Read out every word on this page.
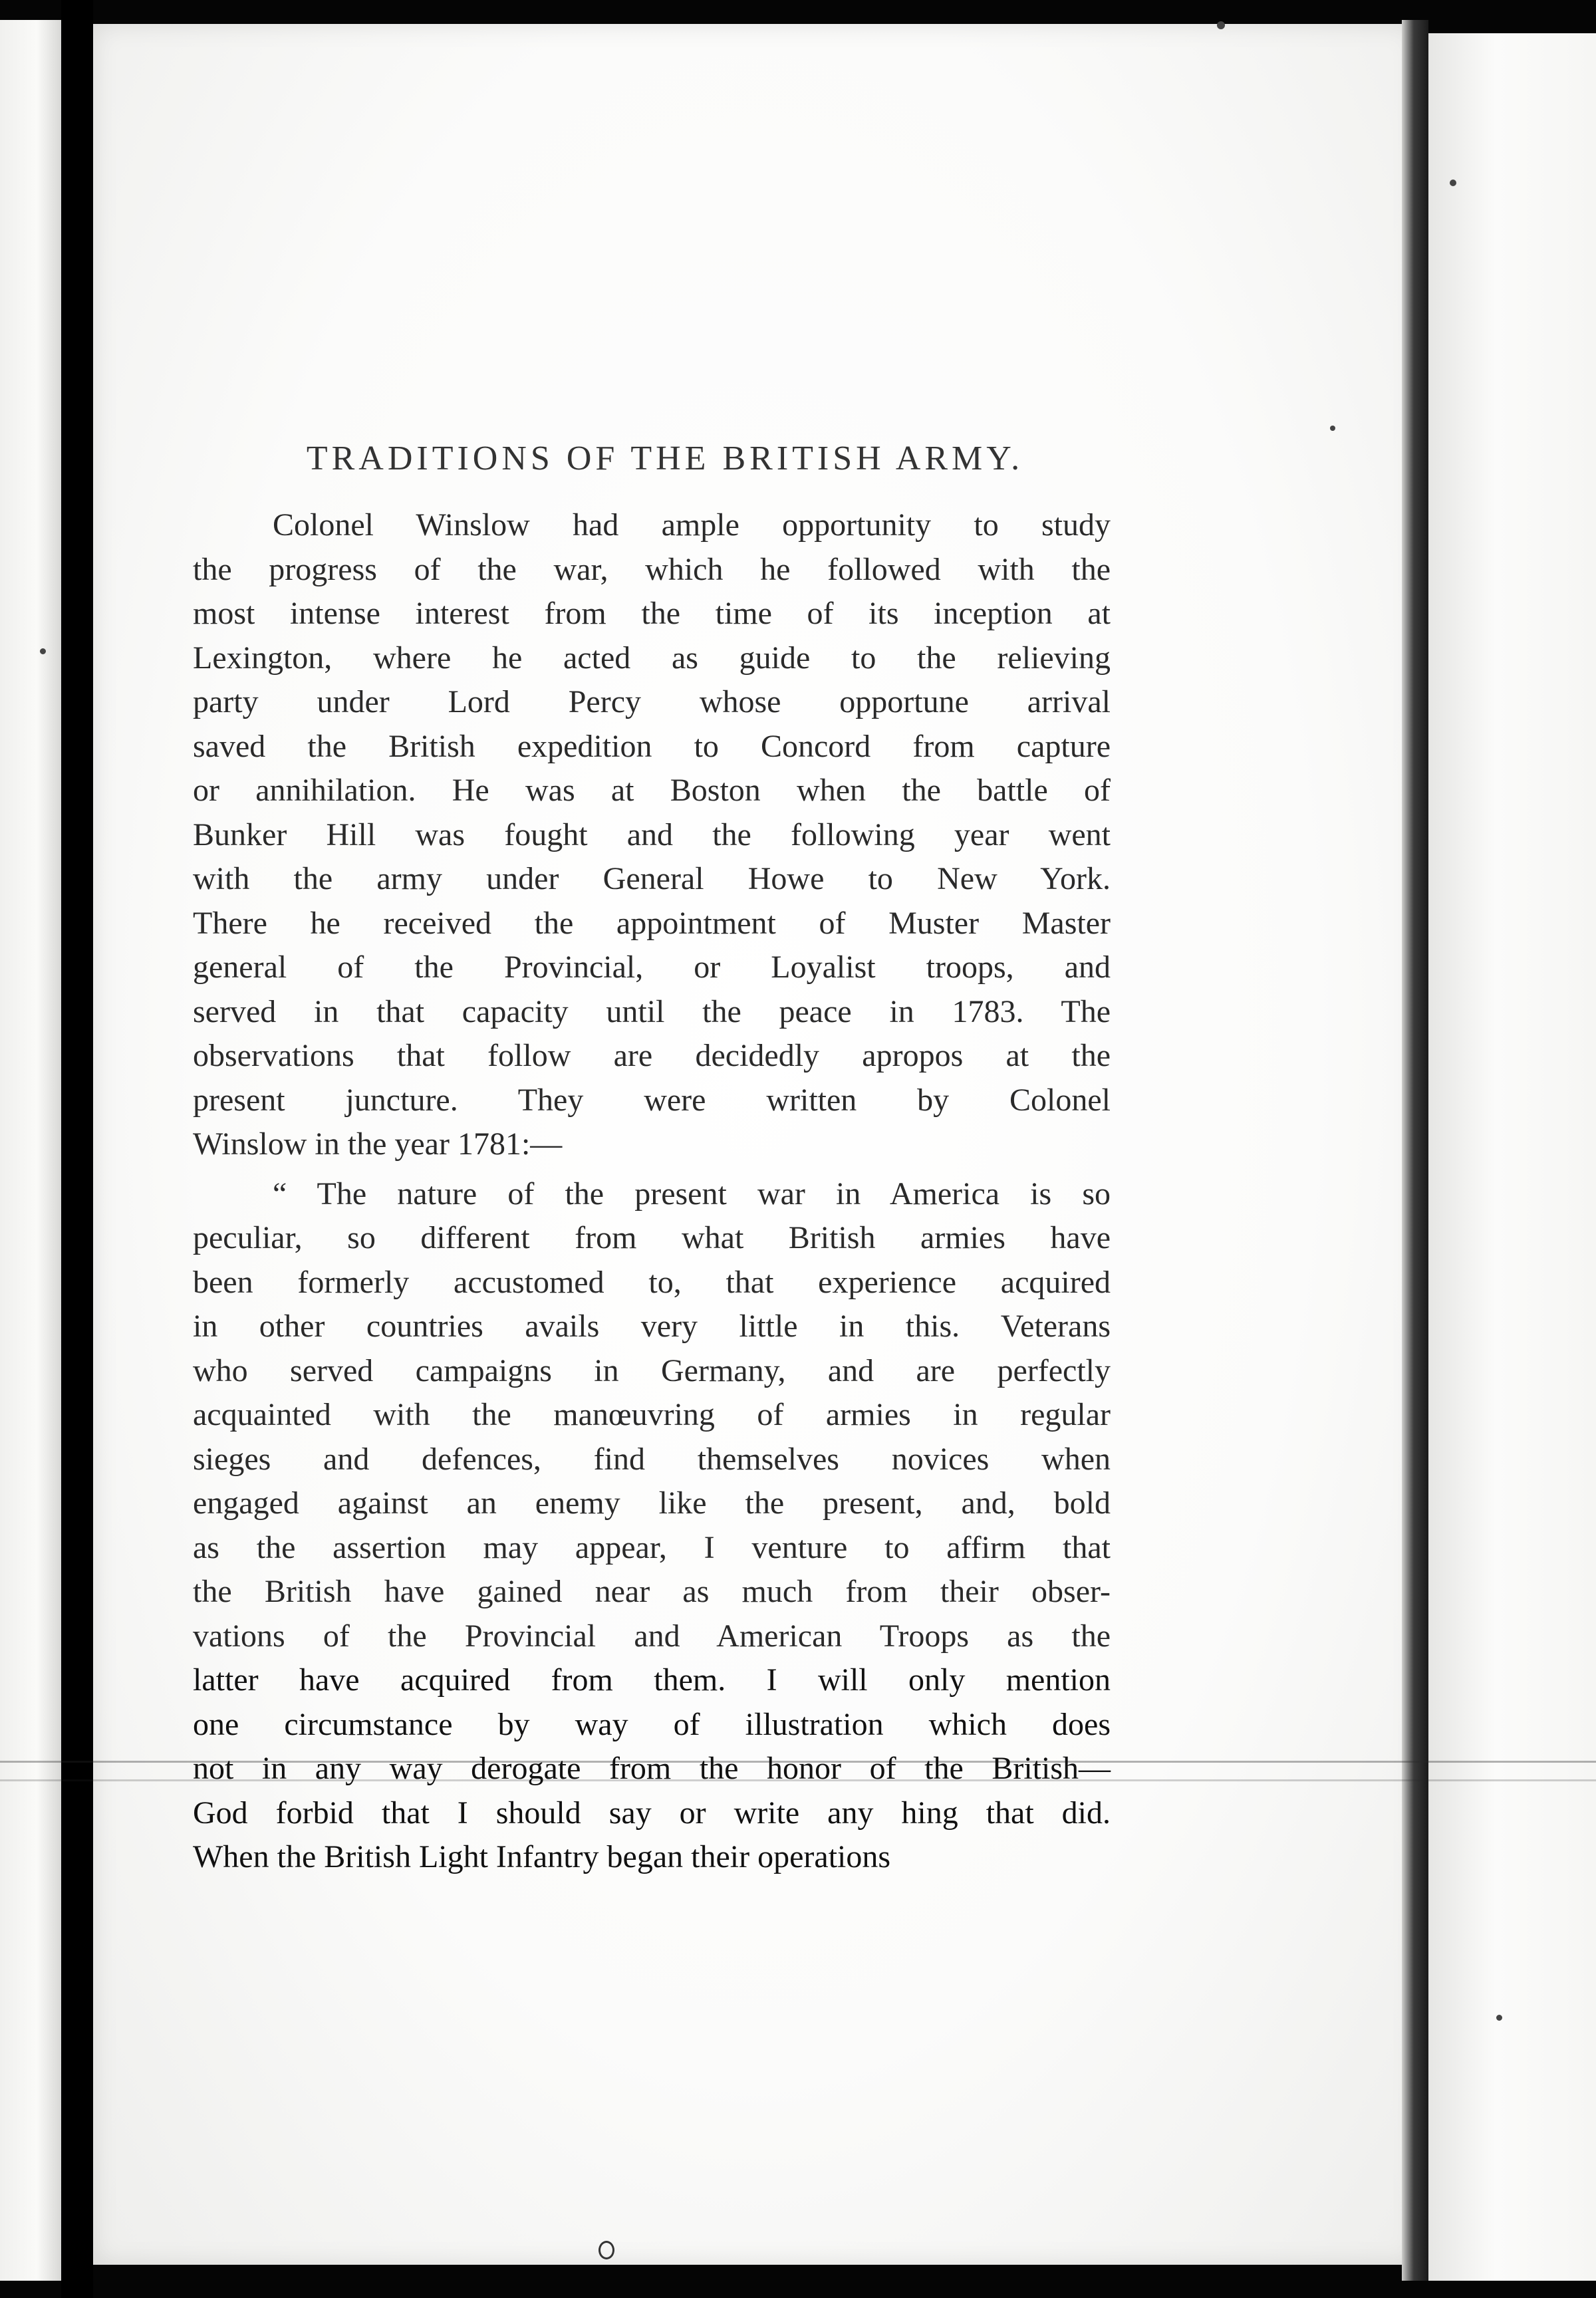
TRADITIONS OF THE BRITISH ARMY.
Colonel Winslow had ample opportunity to study
the progress of the war, which he followed with the
most intense interest from the time of its inception at
Lexington, where he acted as guide to the relieving
party under Lord Percy whose opportune arrival
saved the British expedition to Concord from capture
or annihilation. He was at Boston when the battle of
Bunker Hill was fought and the following year went
with the army under General Howe to New York.
There he received the appointment of Muster Master
general of the Provincial, or Loyalist troops, and
served in that capacity until the peace in 1783. The
observations that follow are decidedly apropos at the
present juncture. They were written by Colonel
Winslow in the year 1781:—
“ The nature of the present war in America is so
peculiar, so different from what British armies have
been formerly accustomed to, that experience acquired
in other countries avails very little in this. Veterans
who served campaigns in Germany, and are perfectly
acquainted with the manœuvring of armies in regular
sieges and defences, find themselves novices when
engaged against an enemy like the present, and, bold
as the assertion may appear, I venture to affirm that
the British have gained near as much from their obser-
vations of the Provincial and American Troops as the
latter have acquired from them. I will only mention
one circumstance by way of illustration which does
not in any way derogate from the honor of the British—
God forbid that I should say or write any hing that did.
When the British Light Infantry began their operations
